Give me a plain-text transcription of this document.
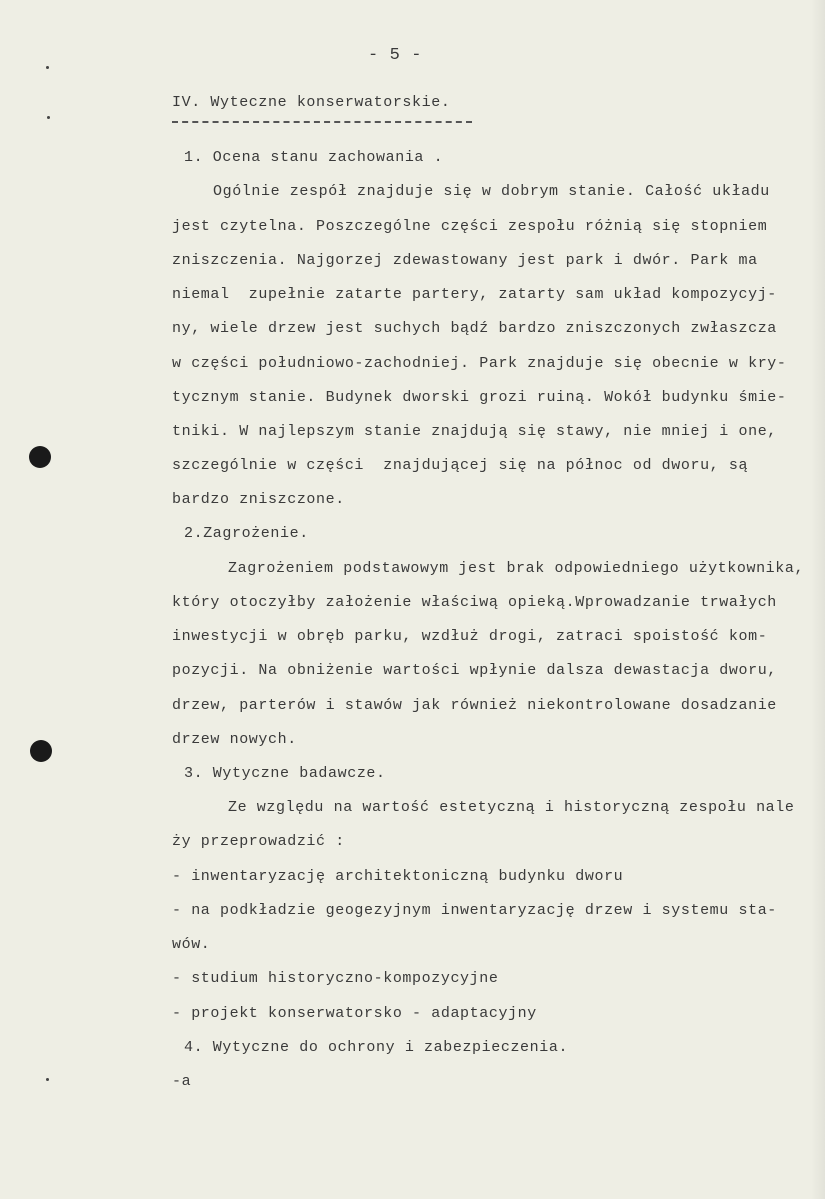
- 5 -
IV. Wyteczne konserwatorskie.
1. Ocena stanu zachowania .
Ogólnie zespół znajduje się w dobrym stanie. Całość układu
jest czytelna. Poszczególne części zespołu różnią się stopniem
zniszczenia. Najgorzej zdewastowany jest park i dwór. Park ma
niemal  zupełnie zatarte partery, zatarty sam układ kompozycyj-
ny, wiele drzew jest suchych bądź bardzo zniszczonych zwłaszcza
w części południowo-zachodniej. Park znajduje się obecnie w kry-
tycznym stanie. Budynek dworski grozi ruiną. Wokół budynku śmie-
tniki. W najlepszym stanie znajdują się stawy, nie mniej i one,
szczególnie w części  znajdującej się na północ od dworu, są
bardzo zniszczone.
2.Zagrożenie.
Zagrożeniem podstawowym jest brak odpowiedniego użytkownika,
który otoczyłby założenie właściwą opieką.Wprowadzanie trwałych
inwestycji w obręb parku, wzdłuż drogi, zatraci spoistość kom-
pozycji. Na obniżenie wartości wpłynie dalsza dewastacja dworu,
drzew, parterów i stawów jak również niekontrolowane dosadzanie
drzew nowych.
3. Wytyczne badawcze.
Ze względu na wartość estetyczną i historyczną zespołu nale
ży przeprowadzić :
- inwentaryzację architektoniczną budynku dworu
- na podkładzie geogezyjnym inwentaryzację drzew i systemu sta-
wów.
- studium historyczno-kompozycyjne
- projekt konserwatorsko - adaptacyjny
4. Wytyczne do ochrony i zabezpieczenia.
-a
